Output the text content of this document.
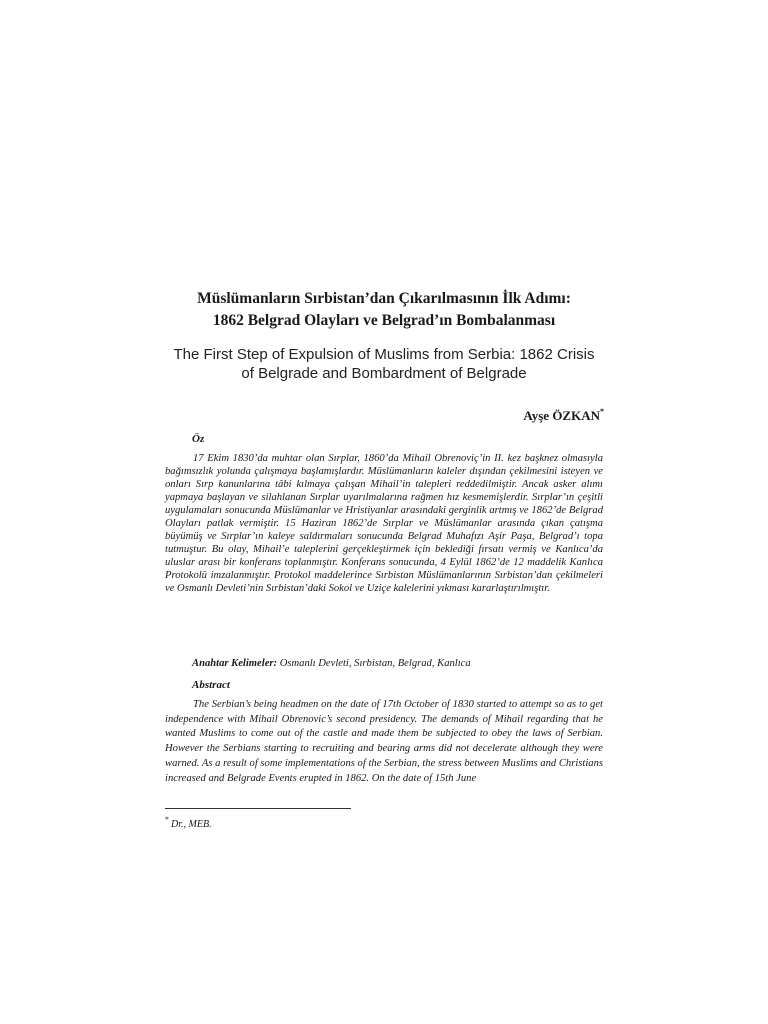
Müslümanların Sırbistan’dan Çıkarılmasının İlk Adımı:
1862 Belgrad Olayları ve Belgrad’ın Bombalanması
The First Step of Expulsion of Muslims from Serbia: 1862 Crisis
of Belgrade and Bombardment of Belgrade
Ayşe ÖZKAN*
Öz
17 Ekim 1830’da muhtar olan Sırplar, 1860’da Mihail Obrenoviç’in II. kez başknez olmasıyla bağımsızlık yolunda çalışmaya başlamışlardır. Müslümanların kaleler dışından çekilmesini isteyen ve onları Sırp kanunlarına tâbi kılmaya çalışan Mihail’in talepleri reddedilmiştir. Ancak asker alımı yapmaya başlayan ve silahlanan Sırplar uyarılmalarına rağmen hız kesmemişlerdir. Sırplar’ın çeşitli uygulamaları sonucunda Müslümanlar ve Hristiyanlar arasındaki gerginlik artmış ve 1862’de Belgrad Olayları patlak vermiştir. 15 Haziran 1862’de Sırplar ve Müslümanlar arasında çıkan çatışma büyümüş ve Sırplar’ın kaleye saldırmaları sonucunda Belgrad Muhafızı Aşir Paşa, Belgrad’ı topa tutmuştur. Bu olay, Mihail’e taleplerini gerçekleştirmek için beklediği fırsatı vermiş ve Kanlıca’da uluslar arası bir konferans toplanmıştır. Konferans sonucunda, 4 Eylül 1862’de 12 maddelik Kanlıca Protokolü imzalanmıştır. Protokol maddelerince Sırbistan Müslümanlarının Sırbistan’dan çekilmeleri ve Osmanlı Devleti’nin Sırbistan’daki Sokol ve Uziçe kalelerini yıkması kararlaştırılmıştır.
Anahtar Kelimeler: Osmanlı Devleti, Sırbistan, Belgrad, Kanlıca
Abstract
The Serbian’s being headmen on the date of 17th October of 1830 started to attempt so as to get independence with Mihail Obrenovic’s second presidency. The demands of Mihail regarding that he wanted Muslims to come out of the castle and made them be subjected to obey the laws of Serbian. However the Serbians starting to recruiting and bearing arms did not decelerate although they were warned. As a result of some implementations of the Serbian, the stress between Muslims and Christians increased and Belgrade Events erupted in 1862. On the date of 15th June
* Dr., MEB.
